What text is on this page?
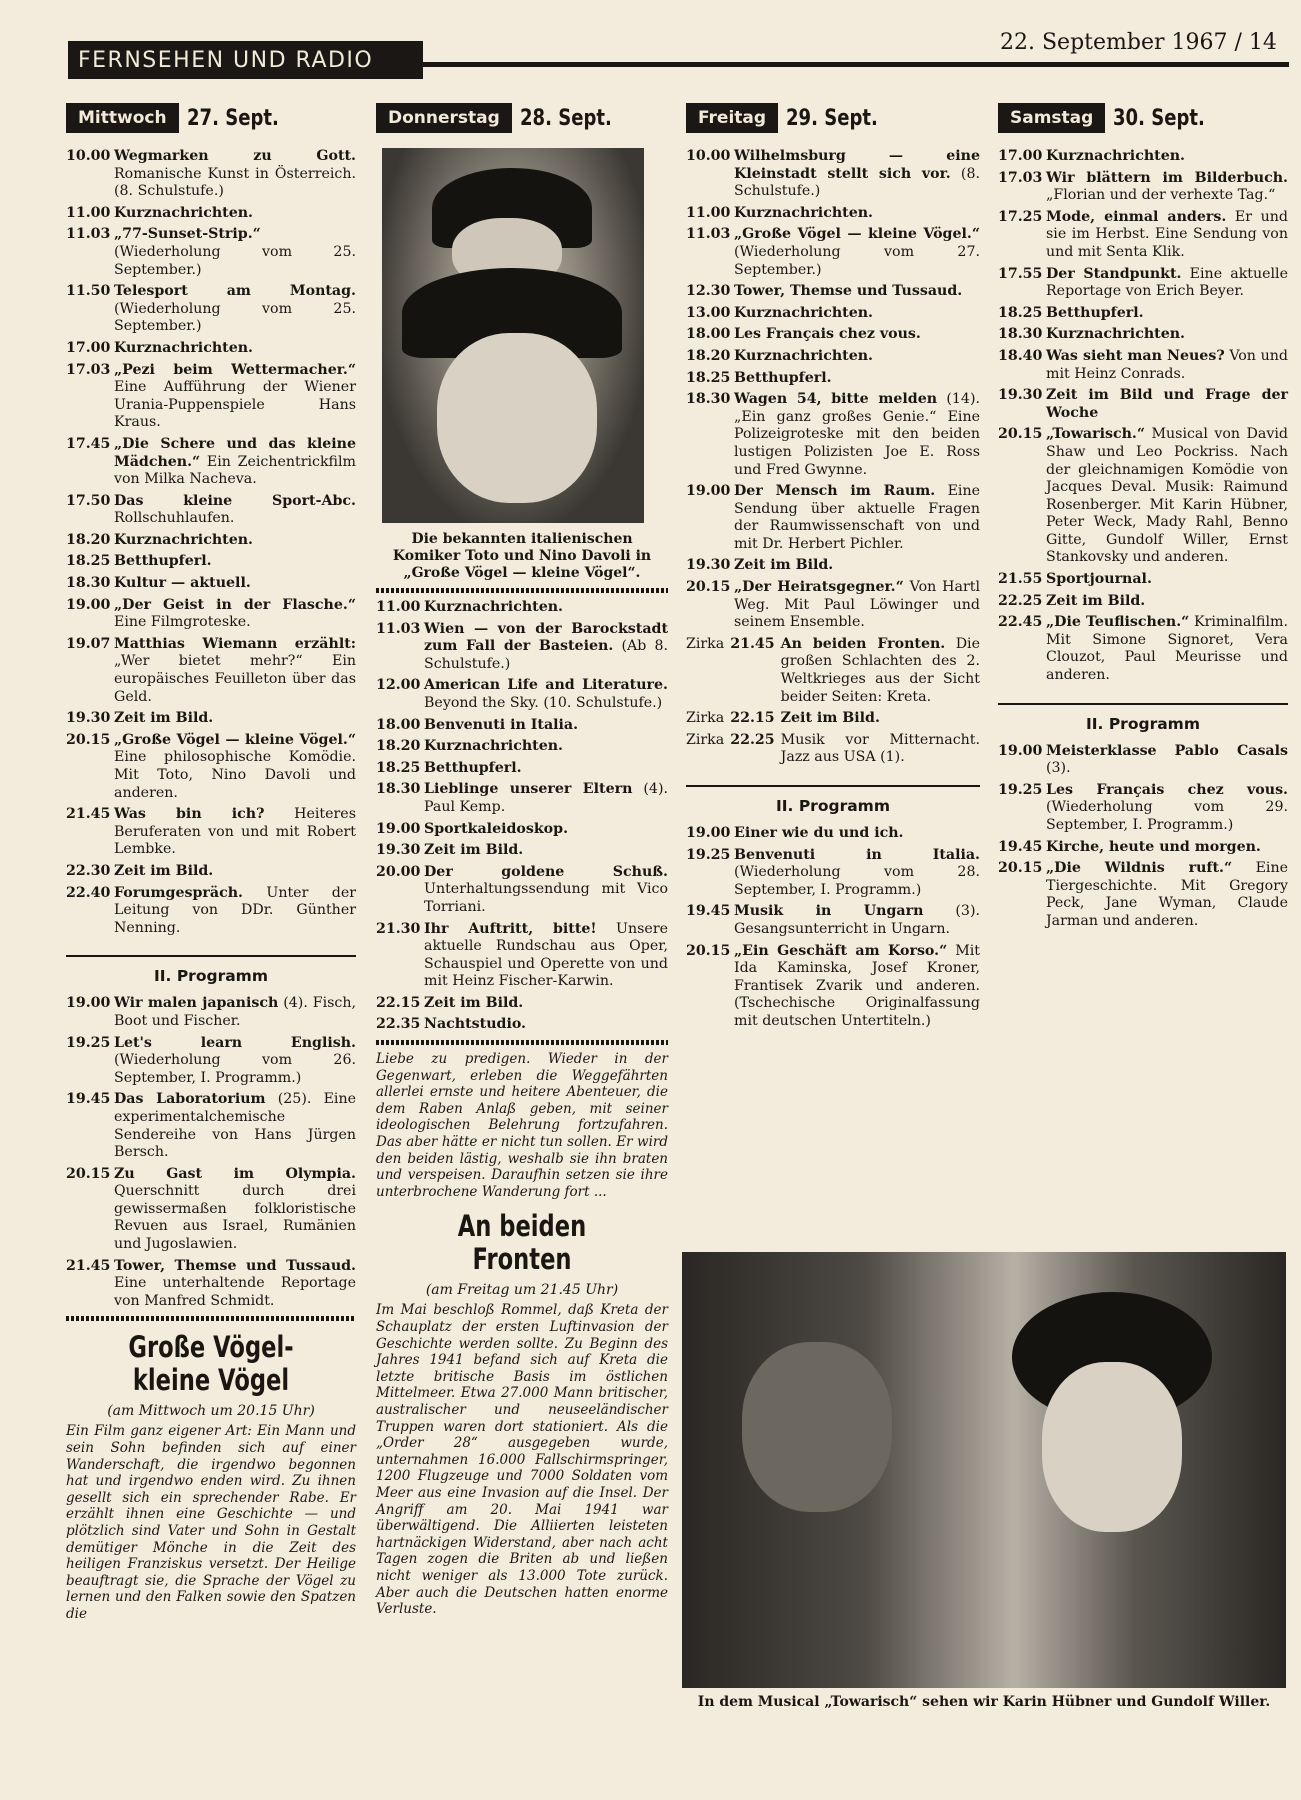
FERNSEHEN UND RADIO
22. September 1967 / 14
Mittwoch 27. Sept.
10.00 Wegmarken zu Gott. Romanische Kunst in Österreich. (8. Schulstufe.)
11.00 Kurznachrichten.
11.03 „77-Sunset-Strip.“ (Wiederholung vom 25. September.)
11.50 Telesport am Montag. (Wiederholung vom 25. September.)
17.00 Kurznachrichten.
17.03 „Pezi beim Wettermacher.“ Eine Aufführung der Wiener Urania-Puppenspiele Hans Kraus.
17.45 „Die Schere und das kleine Mädchen.“ Ein Zeichentrickfilm von Milka Nacheva.
17.50 Das kleine Sport-Abc. Rollschuhlaufen.
18.20 Kurznachrichten.
18.25 Betthupferl.
18.30 Kultur — aktuell.
19.00 „Der Geist in der Flasche.“ Eine Filmgroteske.
19.07 Matthias Wiemann erzählt: „Wer bietet mehr?“ Ein europäisches Feuilleton über das Geld.
19.30 Zeit im Bild.
20.15 „Große Vögel — kleine Vögel.“ Eine philosophische Komödie. Mit Toto, Nino Davoli und anderen.
21.45 Was bin ich? Heiteres Beruferaten von und mit Robert Lembke.
22.30 Zeit im Bild.
22.40 Forumgespräch. Unter der Leitung von DDr. Günther Nenning.
II. Programm
19.00 Wir malen japanisch (4). Fisch, Boot und Fischer.
19.25 Let's learn English. (Wiederholung vom 26. September, I. Programm.)
19.45 Das Laboratorium (25). Eine experimentalchemische Sendereihe von Hans Jürgen Bersch.
20.15 Zu Gast im Olympia. Querschnitt durch drei gewissermaßen folkloristische Revuen aus Israel, Rumänien und Jugoslawien.
21.45 Tower, Themse und Tussaud. Eine unterhaltende Reportage von Manfred Schmidt.
Große Vögel-
kleine Vögel
(am Mittwoch um 20.15 Uhr)
Ein Film ganz eigener Art: Ein Mann und sein Sohn befinden sich auf einer Wanderschaft, die irgendwo begonnen hat und irgendwo enden wird. Zu ihnen gesellt sich ein sprechender Rabe. Er erzählt ihnen eine Geschichte — und plötzlich sind Vater und Sohn in Gestalt demütiger Mönche in die Zeit des heiligen Franziskus versetzt. Der Heilige beauftragt sie, die Sprache der Vögel zu lernen und den Falken sowie den Spatzen die
Donnerstag 28. Sept.
Die bekannten italienischen Komiker Toto und Nino Davoli in „Große Vögel — kleine Vögel“.
11.00 Kurznachrichten.
11.03 Wien — von der Barockstadt zum Fall der Basteien. (Ab 8. Schulstufe.)
12.00 American Life and Literature. Beyond the Sky. (10. Schulstufe.)
18.00 Benvenuti in Italia.
18.20 Kurznachrichten.
18.25 Betthupferl.
18.30 Lieblinge unserer Eltern (4). Paul Kemp.
19.00 Sportkaleidoskop.
19.30 Zeit im Bild.
20.00 Der goldene Schuß. Unterhaltungssendung mit Vico Torriani.
21.30 Ihr Auftritt, bitte! Unsere aktuelle Rundschau aus Oper, Schauspiel und Operette von und mit Heinz Fischer-Karwin.
22.15 Zeit im Bild.
22.35 Nachtstudio.
Liebe zu predigen. Wieder in der Gegenwart, erleben die Weggefährten allerlei ernste und heitere Abenteuer, die dem Raben Anlaß geben, mit seiner ideologischen Belehrung fortzufahren. Das aber hätte er nicht tun sollen. Er wird den beiden lästig, weshalb sie ihn braten und verspeisen. Daraufhin setzen sie ihre unterbrochene Wanderung fort ...
An beiden Fronten
(am Freitag um 21.45 Uhr)
Im Mai beschloß Rommel, daß Kreta der Schauplatz der ersten Luftinvasion der Geschichte werden sollte. Zu Beginn des Jahres 1941 befand sich auf Kreta die letzte britische Basis im östlichen Mittelmeer. Etwa 27.000 Mann britischer, australischer und neuseeländischer Truppen waren dort stationiert. Als die „Order 28“ ausgegeben wurde, unternahmen 16.000 Fallschirmspringer, 1200 Flugzeuge und 7000 Soldaten vom Meer aus eine Invasion auf die Insel. Der Angriff am 20. Mai 1941 war überwältigend. Die Alliierten leisteten hartnäckigen Widerstand, aber nach acht Tagen zogen die Briten ab und ließen nicht weniger als 13.000 Tote zurück. Aber auch die Deutschen hatten enorme Verluste.
Freitag 29. Sept.
10.00 Wilhelmsburg — eine Kleinstadt stellt sich vor. (8. Schulstufe.)
11.00 Kurznachrichten.
11.03 „Große Vögel — kleine Vögel.“ (Wiederholung vom 27. September.)
12.30 Tower, Themse und Tussaud.
13.00 Kurznachrichten.
18.00 Les Français chez vous.
18.20 Kurznachrichten.
18.25 Betthupferl.
18.30 Wagen 54, bitte melden (14). „Ein ganz großes Genie.“ Eine Polizeigroteske mit den beiden lustigen Polizisten Joe E. Ross und Fred Gwynne.
19.00 Der Mensch im Raum. Eine Sendung über aktuelle Fragen der Raumwissenschaft von und mit Dr. Herbert Pichler.
19.30 Zeit im Bild.
20.15 „Der Heiratsgegner.“ Von Hartl Weg. Mit Paul Löwinger und seinem Ensemble.
Zirka 21.45 An beiden Fronten. Die großen Schlachten des 2. Weltkrieges aus der Sicht beider Seiten: Kreta.
Zirka 22.15 Zeit im Bild.
Zirka 22.25 Musik vor Mitternacht. Jazz aus USA (1).
II. Programm
19.00 Einer wie du und ich.
19.25 Benvenuti in Italia. (Wiederholung vom 28. September, I. Programm.)
19.45 Musik in Ungarn (3). Gesangsunterricht in Ungarn.
20.15 „Ein Geschäft am Korso.“ Mit Ida Kaminska, Josef Kroner, Frantisek Zvarik und anderen. (Tschechische Originalfassung mit deutschen Untertiteln.)
Samstag 30. Sept.
17.00 Kurznachrichten.
17.03 Wir blättern im Bilderbuch. „Florian und der verhexte Tag.“
17.25 Mode, einmal anders. Er und sie im Herbst. Eine Sendung von und mit Senta Klik.
17.55 Der Standpunkt. Eine aktuelle Reportage von Erich Beyer.
18.25 Betthupferl.
18.30 Kurznachrichten.
18.40 Was sieht man Neues? Von und mit Heinz Conrads.
19.30 Zeit im Bild und Frage der Woche
20.15 „Towarisch.“ Musical von David Shaw und Leo Pockriss. Nach der gleichnamigen Komödie von Jacques Deval. Musik: Raimund Rosenberger. Mit Karin Hübner, Peter Weck, Mady Rahl, Benno Gitte, Gundolf Willer, Ernst Stankovsky und anderen.
21.55 Sportjournal.
22.25 Zeit im Bild.
22.45 „Die Teuflischen.“ Kriminalfilm. Mit Simone Signoret, Vera Clouzot, Paul Meurisse und anderen.
II. Programm
19.00 Meisterklasse Pablo Casals (3).
19.25 Les Français chez vous. (Wiederholung vom 29. September, I. Programm.)
19.45 Kirche, heute und morgen.
20.15 „Die Wildnis ruft.“ Eine Tiergeschichte. Mit Gregory Peck, Jane Wyman, Claude Jarman und anderen.
In dem Musical „Towarisch“ sehen wir Karin Hübner und Gundolf Willer.
